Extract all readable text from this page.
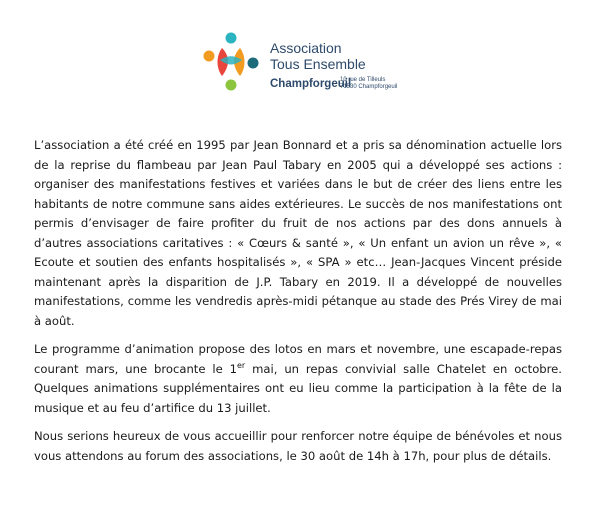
Association
Tous Ensemble
Champforgeuil
10 rue de Tilleuls
71530 Champforgeuil

L’association a été créé en 1995 par Jean Bonnard et a pris sa dénomination actuelle lors de la reprise du flambeau par Jean Paul Tabary en 2005 qui a développé ses actions : organiser des manifestations festives et variées dans le but de créer des liens entre les habitants de notre commune sans aides extérieures. Le succès de nos manifestations ont permis d’envisager de faire profiter du fruit de nos actions par des dons annuels à d’autres associations caritatives : « Cœurs & santé », « Un enfant un avion un rêve », « Ecoute et soutien des enfants hospitalisés », « SPA » etc… Jean-Jacques Vincent préside maintenant après la disparition de J.P. Tabary en 2019. Il a développé de nouvelles manifestations, comme les vendredis après-midi pétanque au stade des Prés Virey de mai à août.

Le programme d’animation propose des lotos en mars et novembre, une escapade-repas courant mars, une brocante le 1er mai, un repas convivial salle Chatelet en octobre. Quelques animations supplémentaires ont eu lieu comme la participation à la fête de la musique et au feu d’artifice du 13 juillet.

Nous serions heureux de vous accueillir pour renforcer notre équipe de bénévoles et nous vous attendons au forum des associations, le 30 août de 14h à 17h, pour plus de détails.
